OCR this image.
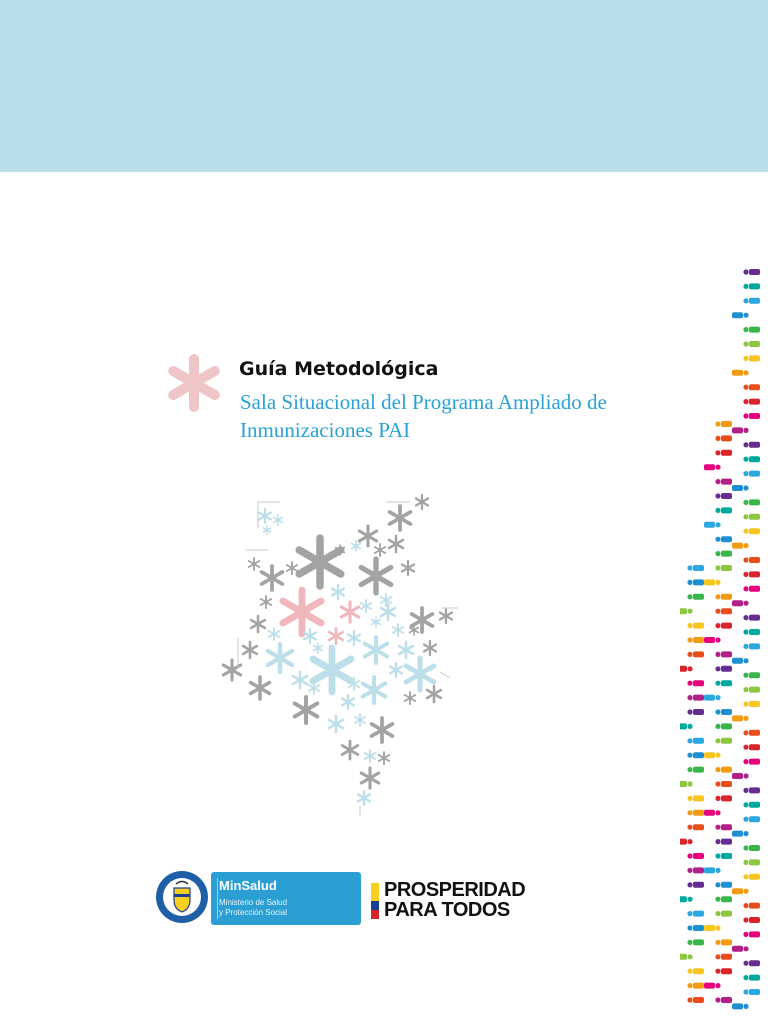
Guía Metodológica
Sala Situacional del Programa Ampliado de
Inmunizaciones PAI
MinSalud
Ministerio de Salud
y Protección Social
PROSPERIDAD
PARA TODOS
